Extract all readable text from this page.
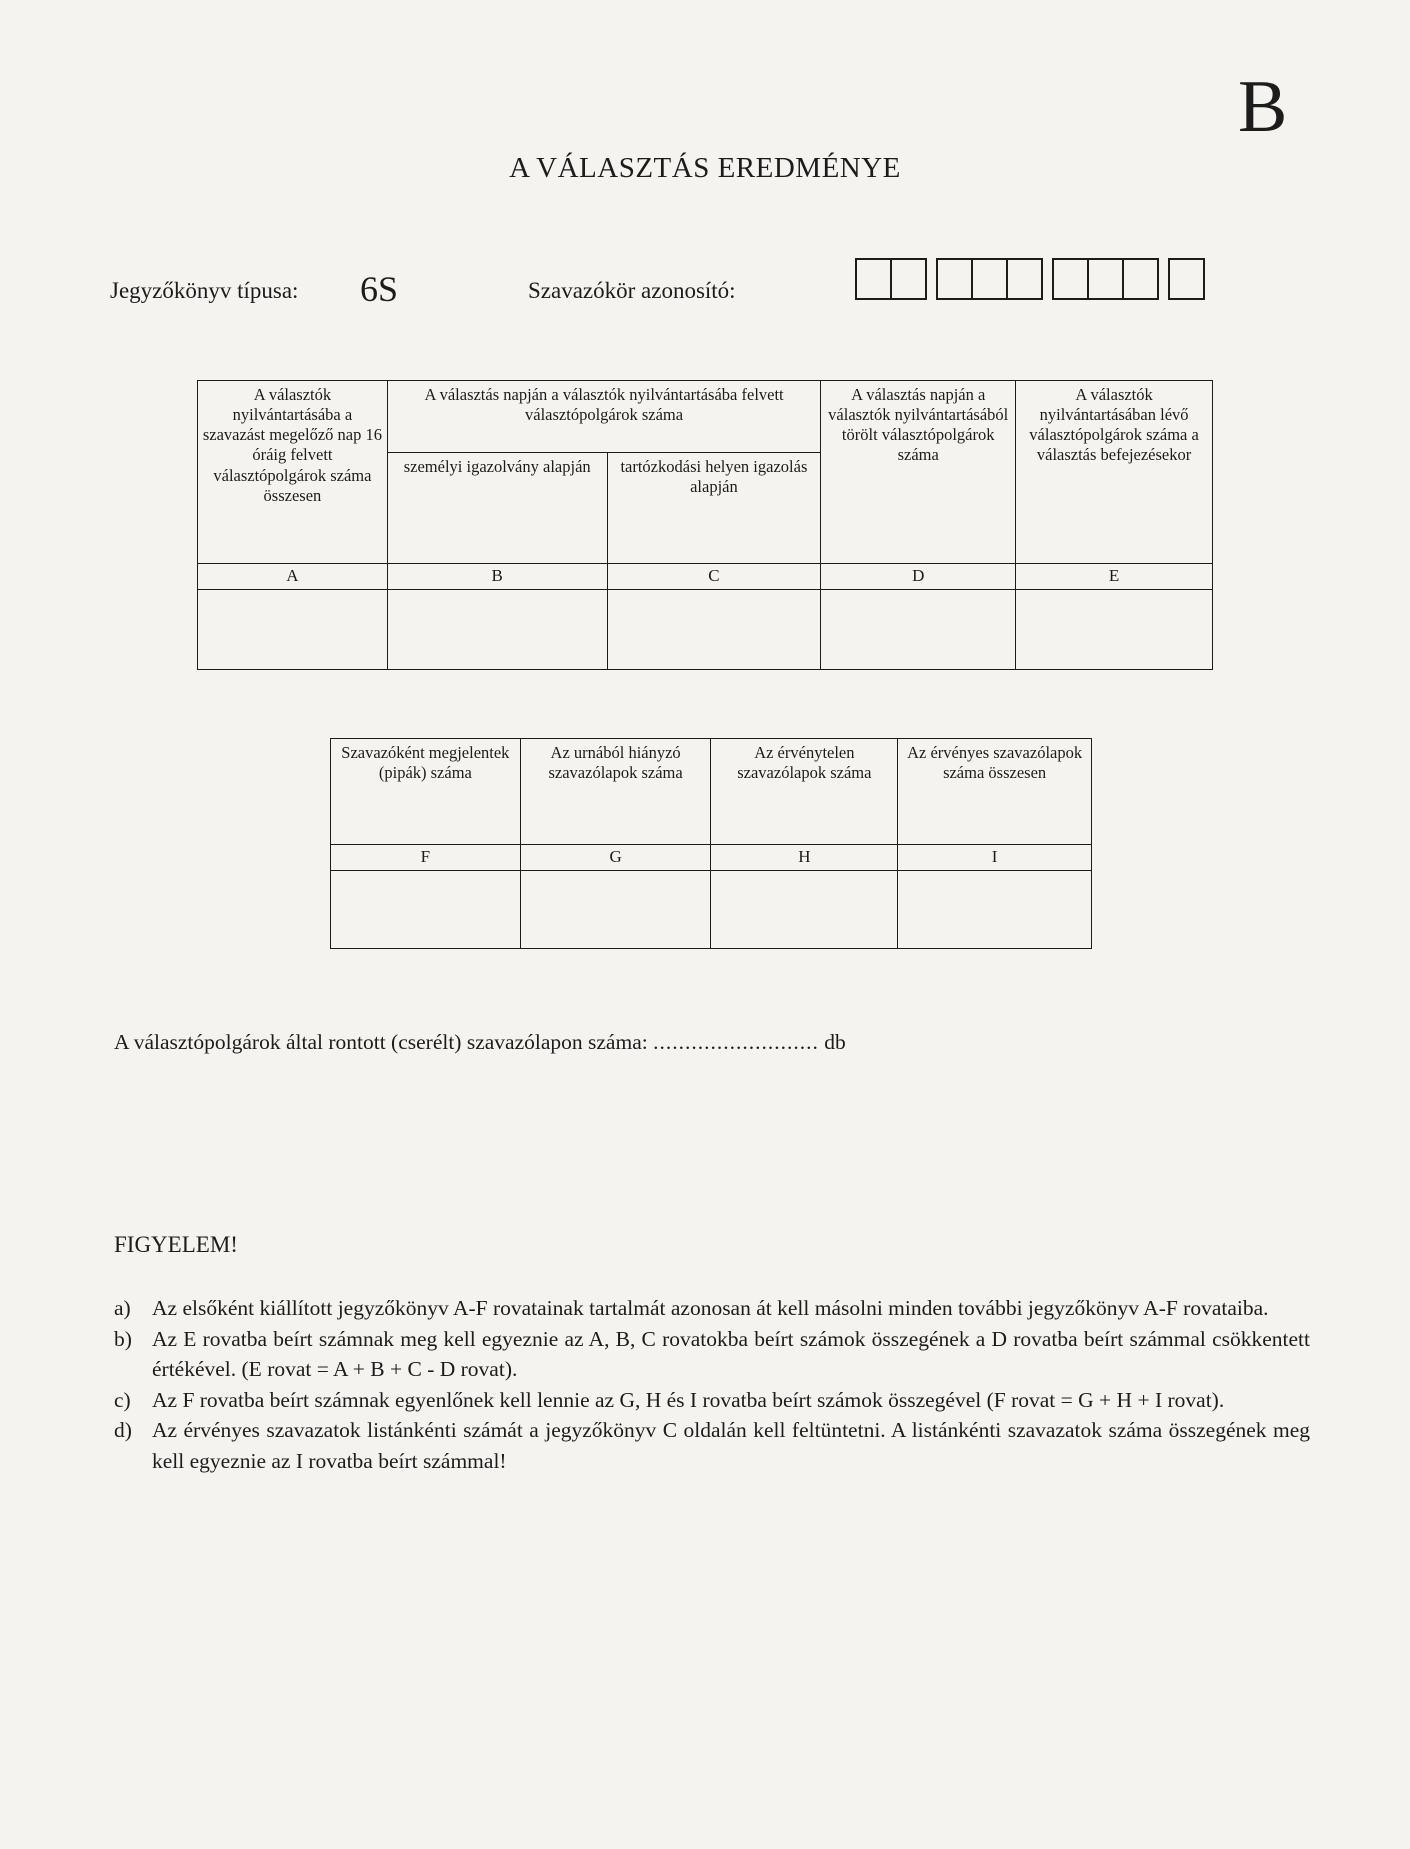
B
A VÁLASZTÁS EREDMÉNYE
Jegyzőkönyv típusa: 6S	Szavazókör azonosító:
A választók nyilvántartásába a szavazást megelőző nap 16 óráig felvett választópolgárok száma összesen	A választás napján a választók nyilvántartásába felvett választópolgárok száma		A választás napján a választók nyilvántartásából törölt választópolgárok száma	A választók nyilvántartásában lévő választópolgárok száma a választás befejezésekor
	személyi igazolvány alapján	tartózkodási helyen igazolás alapján		
A	B	C	D	E

Szavazóként megjelentek (pipák) száma	Az urnából hiányzó szavazólapok száma	Az érvénytelen szavazólapok száma	Az érvényes szavazólapok száma összesen
F	G	H	I

A választópolgárok által rontott (cserélt) szavazólapon száma: .......................... db
FIGYELEM!
a) Az elsőként kiállított jegyzőkönyv A-F rovatainak tartalmát azonosan át kell másolni minden további jegyzőkönyv A-F rovataiba.
b) Az E rovatba beírt számnak meg kell egyeznie az A, B, C rovatokba beírt számok összegének a D rovatba beírt számmal csökkentett értékével. (E rovat = A + B + C - D rovat).
c) Az F rovatba beírt számnak egyenlőnek kell lennie az G, H és I rovatba beírt számok összegével (F rovat = G + H + I rovat).
d) Az érvényes szavazatok listánkénti számát a jegyzőkönyv C oldalán kell feltüntetni. A listánkénti szavazatok száma összegének meg kell egyeznie az I rovatba beírt számmal!
